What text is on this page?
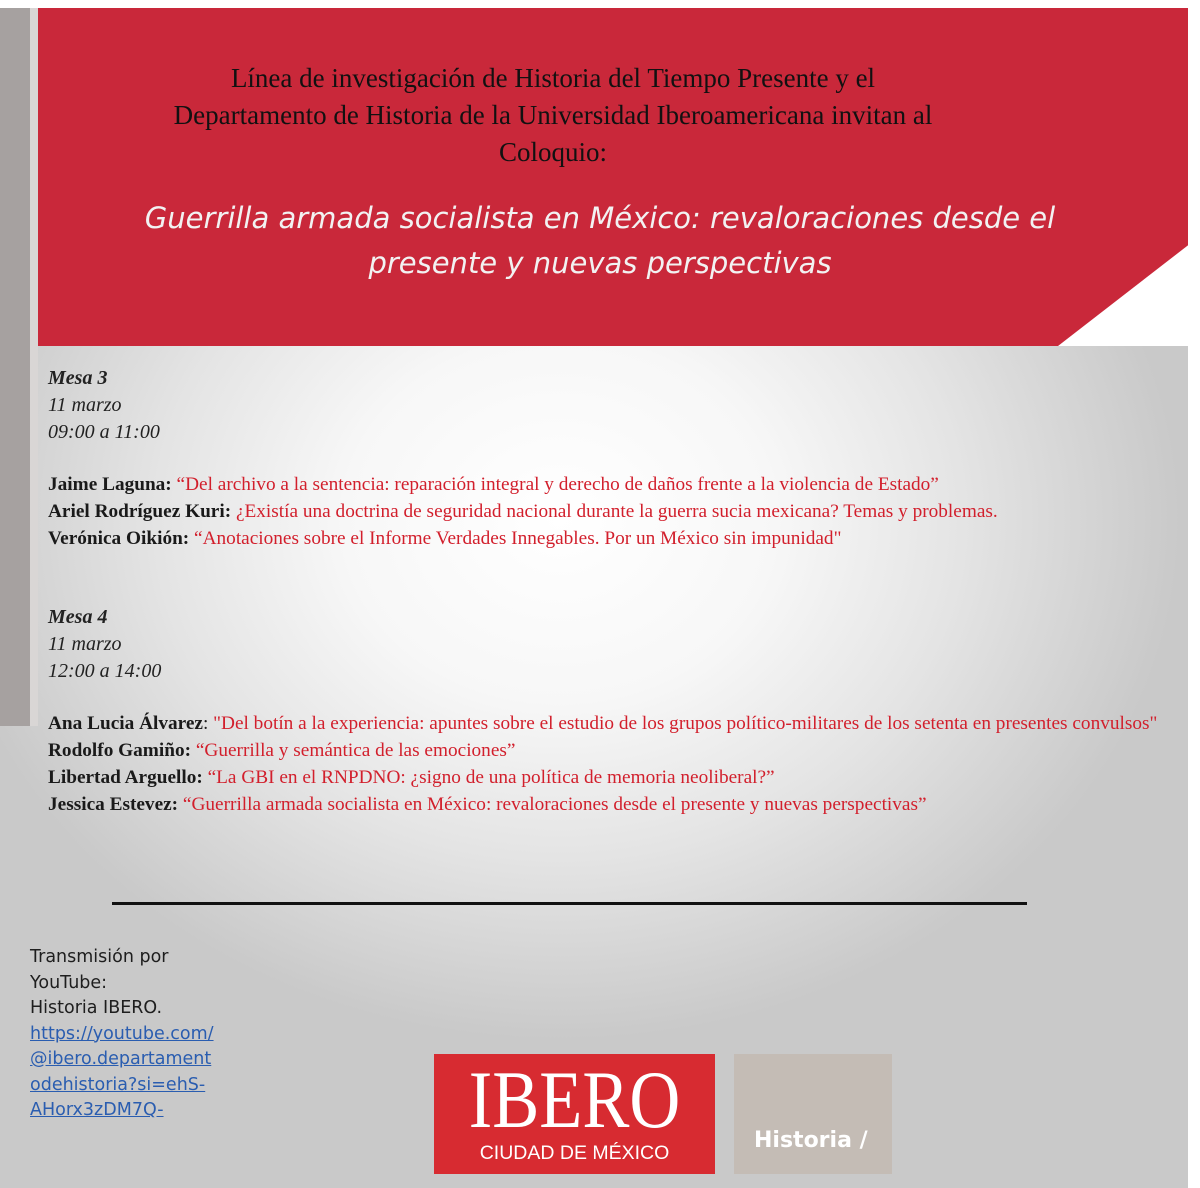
Línea de investigación de Historia del Tiempo Presente y el
Departamento de Historia de la Universidad Iberoamericana invitan al
Coloquio:
Guerrilla armada socialista en México: revaloraciones desde el
presente y nuevas perspectivas
Mesa 3
11 marzo
09:00 a 11:00

Jaime Laguna: “Del archivo a la sentencia: reparación integral y derecho de daños frente a la violencia de Estado”

Ariel Rodríguez Kuri: ¿Existía una doctrina de seguridad nacional durante la guerra sucia mexicana? Temas y problemas.

Verónica Oikión: “Anotaciones sobre el Informe Verdades Innegables. Por un México sin impunidad"

Mesa 4
11 marzo
12:00 a 14:00

Ana Lucia Álvarez: "Del botín a la experiencia: apuntes sobre el estudio de los grupos político-militares de los setenta en presentes convulsos"

Rodolfo Gamiño: “Guerrilla y semántica de las emociones”

Libertad Arguello: “La GBI en el RNPDNO: ¿signo de una política de memoria neoliberal?”

Jessica Estevez: “Guerrilla armada socialista en México: revaloraciones desde el presente y nuevas perspectivas”

Transmisión por
YouTube:
Historia IBERO.
https://youtube.com/
@ibero.departament
odehistoria?si=ehS-
AHorx3zDM7Q-	IBERO
CIUDAD DE MÉXICO	Historia /
